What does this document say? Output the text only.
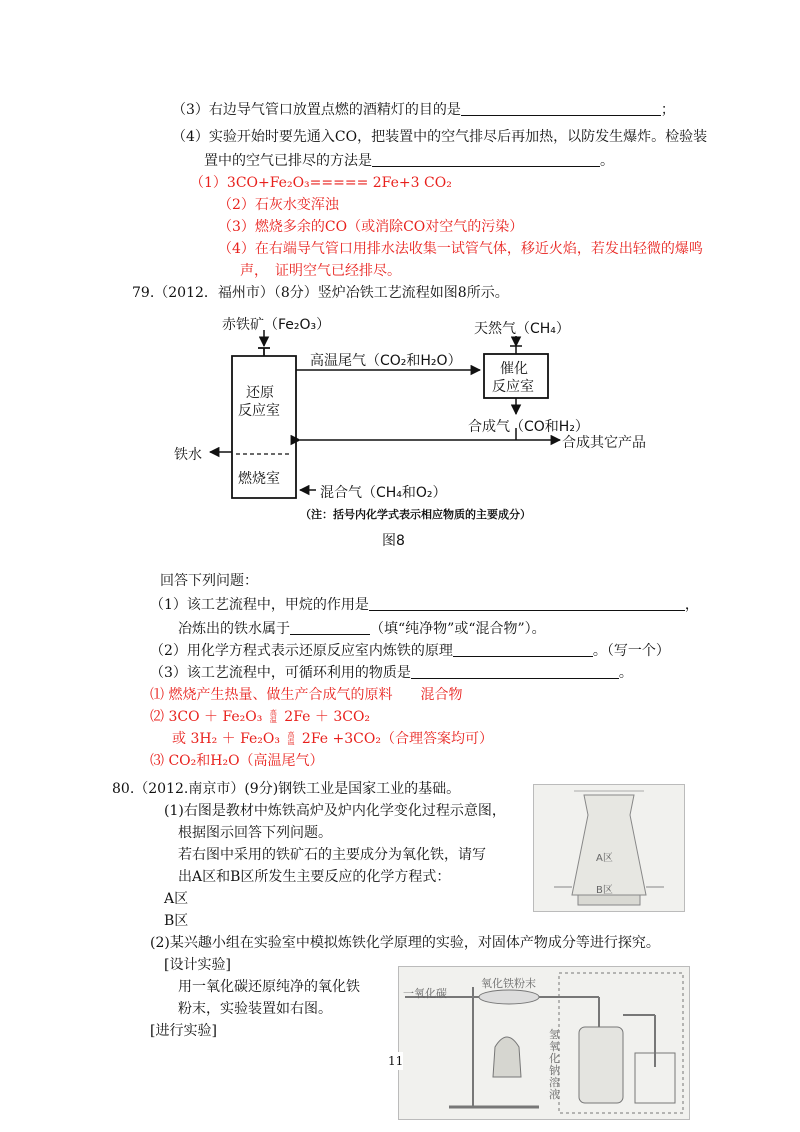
（3）右边导气管口放置点燃的酒精灯的目的是	；
（4）实验开始时要先通入CO，把装置中的空气排尽后再加热，以防发生爆炸。检验装
置中的空气已排尽的方法是	。
（1）3CO+Fe₂O₃===== 2Fe+3 CO₂
（2）石灰水变浑浊
（3）燃烧多余的CO（或消除CO对空气的污染）
（4）在右端导气管口用排水法收集一试管气体，移近火焰，若发出轻微的爆鸣
声，　证明空气已经排尽。
79.（2012．福州市）（8分）竖炉冶铁工艺流程如图8所示。
赤铁矿（Fe₂O₃）
还原
反应室
燃烧室
高温尾气（CO₂和H₂O）
天然气（CH₄）
催化
反应室
合成气（CO和H₂）
合成其它产品
铁水
混合气（CH₄和O₂）
（注：括号内化学式表示相应物质的主要成分）
图8
回答下列问题：
（1）该工艺流程中，甲烷的作用是	，
冶炼出的铁水属于	（填“纯净物”或“混合物”）。
（2）用化学方程式表示还原反应室内炼铁的原理	。（写一个）
（3）该工艺流程中，可循环利用的物质是	。
⑴ 燃烧产生热量、做生产合成气的原料　　混合物
⑵ 3CO ＋ Fe₂O₃ 高
温 2Fe ＋ 3CO₂
或 3H₂ ＋ Fe₂O₃ 高
温 2Fe +3CO₂（合理答案均可）
⑶ CO₂和H₂O（高温尾气）
80.（2012.南京市）(9分)钢铁工业是国家工业的基础。
(1)右图是教材中炼铁高炉及炉内化学变化过程示意图，
根据图示回答下列问题。
若右图中采用的铁矿石的主要成分为氧化铁，请写
出A区和B区所发生主要反应的化学方程式：
A区
B区
(2)某兴趣小组在实验室中模拟炼铁化学原理的实验，对固体产物成分等进行探究。
[设计实验]
用一氧化碳还原纯净的氧化铁
粉末，实验装置如右图。
[进行实验]
A区
B区
一氧化碳
氧化铁粉末
氢氧化钠溶液
11
